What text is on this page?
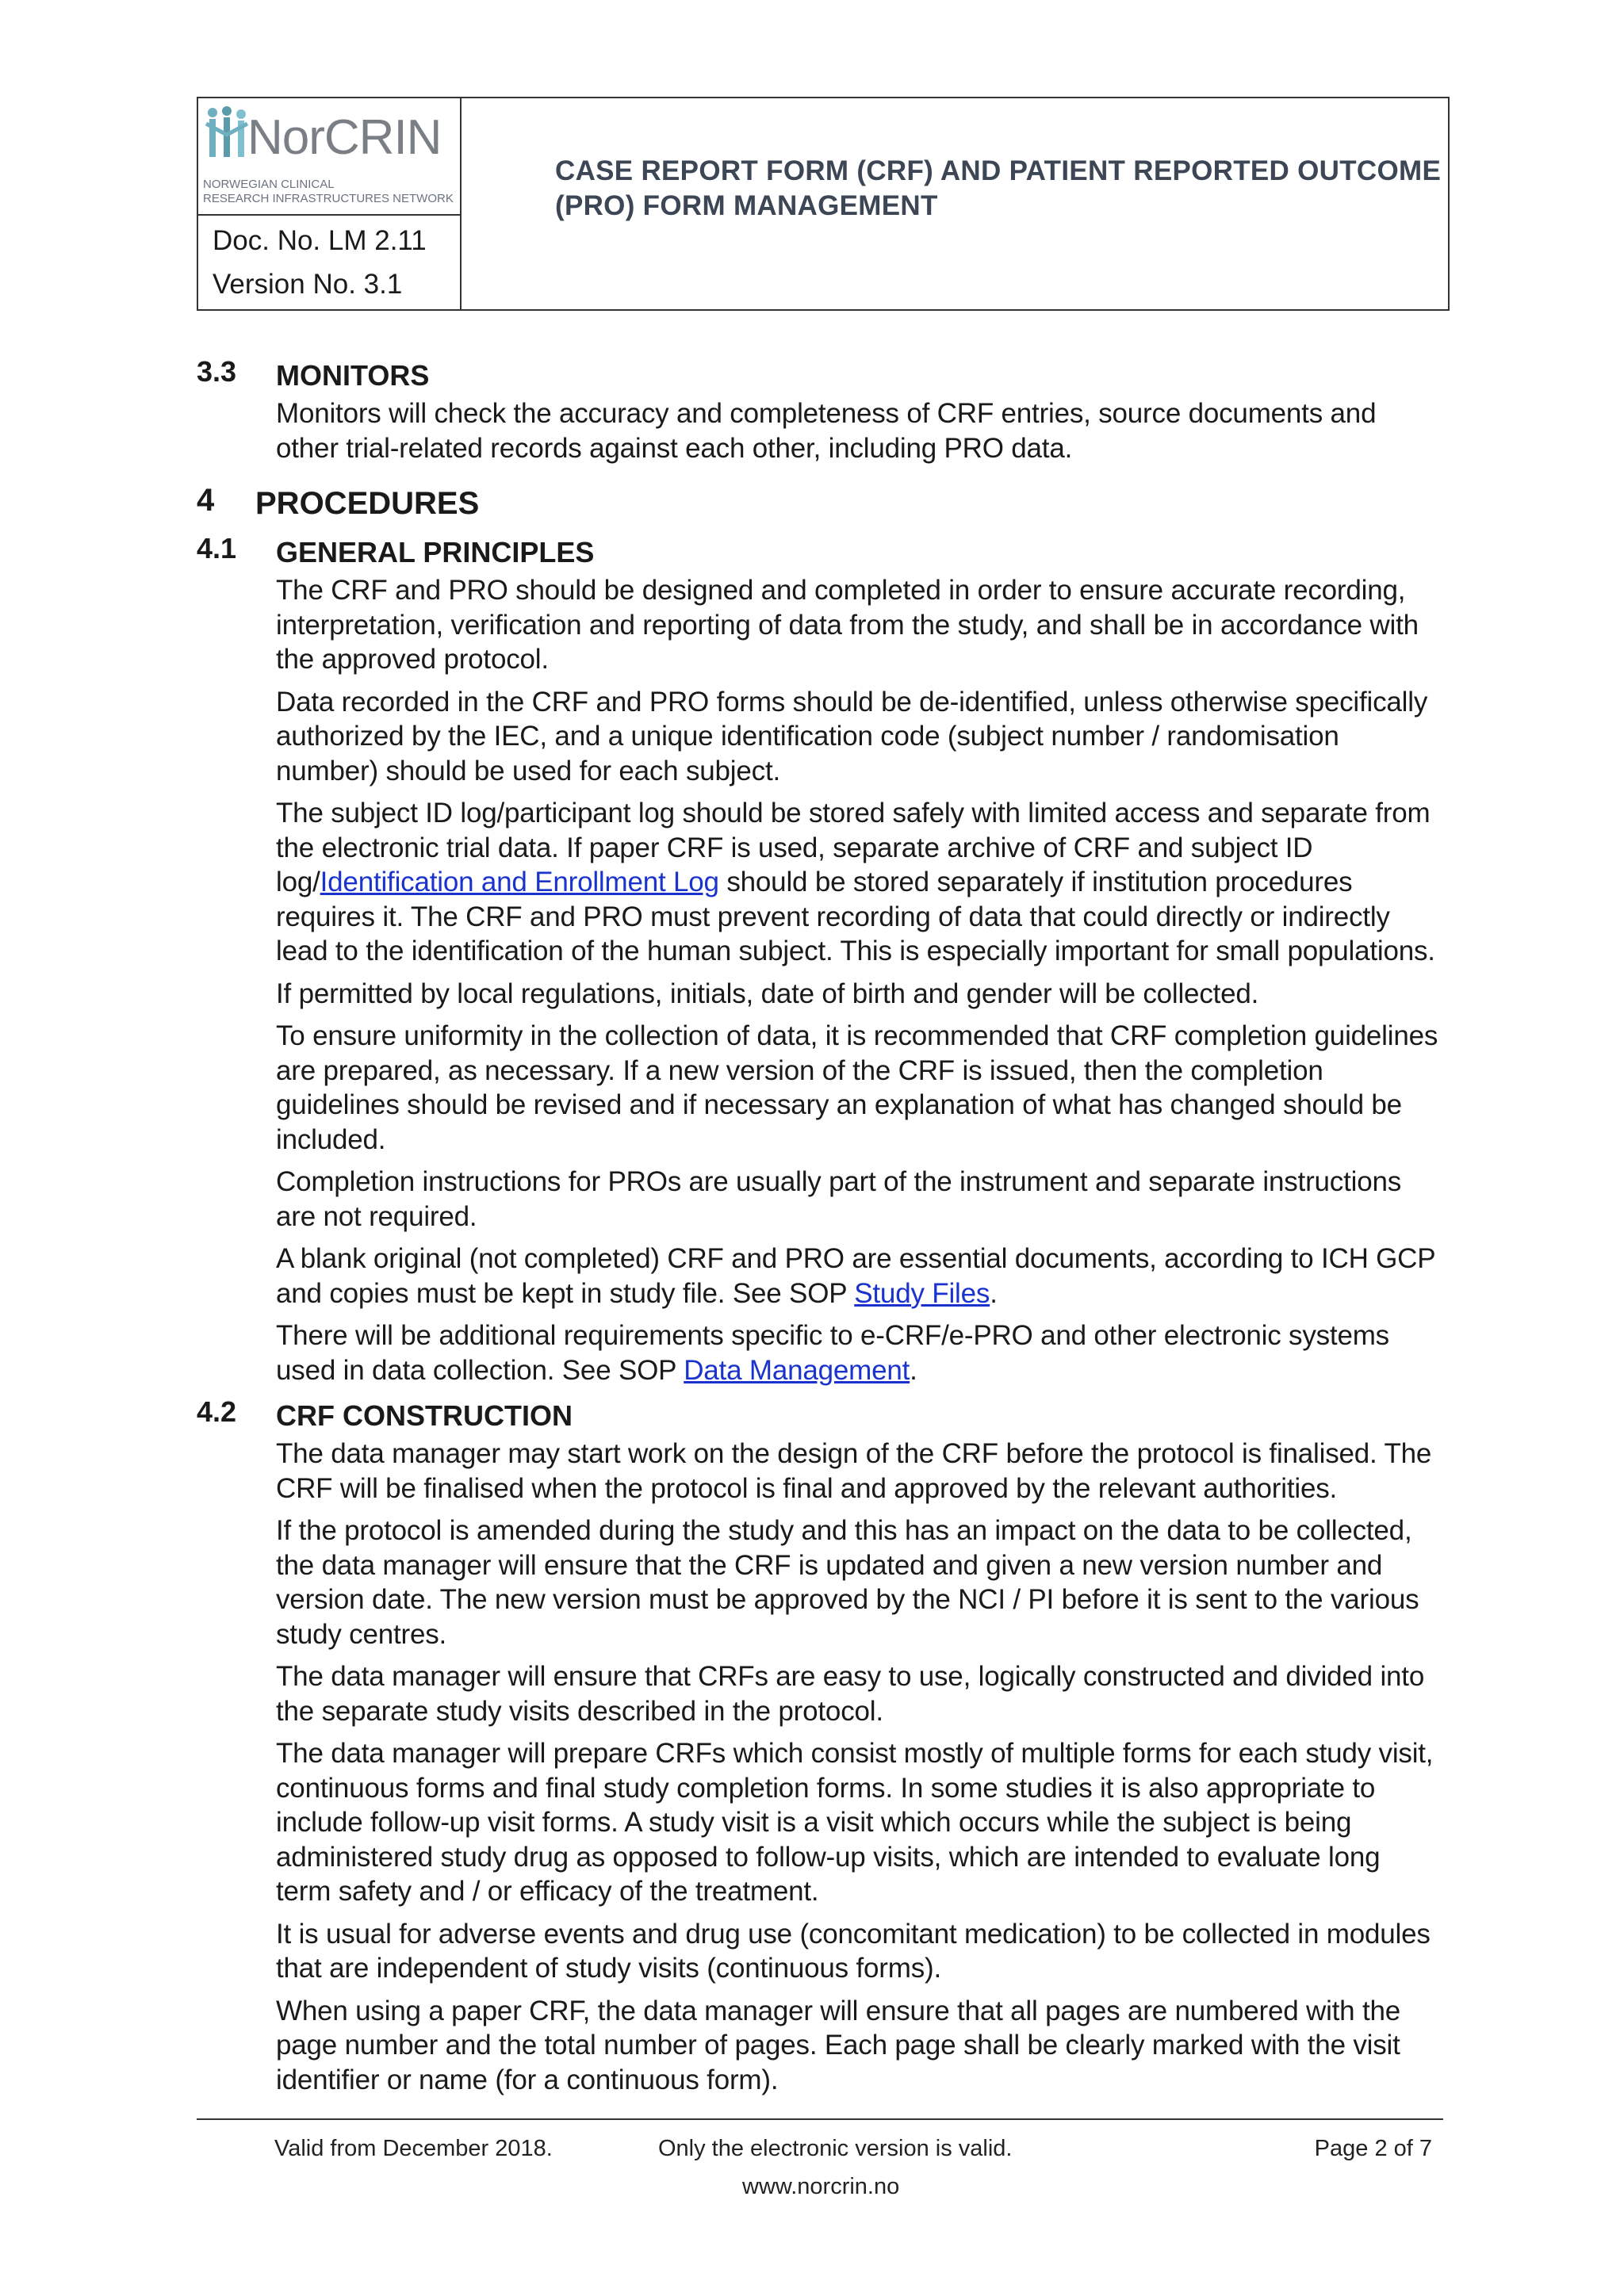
NorCRIN
NORWEGIAN CLINICAL
RESEARCH INFRASTRUCTURES NETWORK
Doc. No. LM 2.11
Version No. 3.1
CASE REPORT FORM (CRF) AND PATIENT REPORTED OUTCOME
(PRO) FORM MANAGEMENT
3.3 MONITORS

Monitors will check the accuracy and completeness of CRF entries, source documents and other trial-related records against each other, including PRO data.

4 PROCEDURES
4.1 GENERAL PRINCIPLES

The CRF and PRO should be designed and completed in order to ensure accurate recording, interpretation, verification and reporting of data from the study, and shall be in accordance with the approved protocol.

Data recorded in the CRF and PRO forms should be de-identified, unless otherwise specifically authorized by the IEC, and a unique identification code (subject number / randomisation number) should be used for each subject.

The subject ID log/participant log should be stored safely with limited access and separate from the electronic trial data. If paper CRF is used, separate archive of CRF and subject ID log/Identification and Enrollment Log should be stored separately if institution procedures requires it. The CRF and PRO must prevent recording of data that could directly or indirectly lead to the identification of the human subject. This is especially important for small populations.

If permitted by local regulations, initials, date of birth and gender will be collected.

To ensure uniformity in the collection of data, it is recommended that CRF completion guidelines are prepared, as necessary. If a new version of the CRF is issued, then the completion guidelines should be revised and if necessary an explanation of what has changed should be included.

Completion instructions for PROs are usually part of the instrument and separate instructions are not required.

A blank original (not completed) CRF and PRO are essential documents, according to ICH GCP and copies must be kept in study file. See SOP Study Files.

There will be additional requirements specific to e-CRF/e-PRO and other electronic systems used in data collection. See SOP Data Management.

4.2 CRF CONSTRUCTION

The data manager may start work on the design of the CRF before the protocol is finalised. The CRF will be finalised when the protocol is final and approved by the relevant authorities.

If the protocol is amended during the study and this has an impact on the data to be collected, the data manager will ensure that the CRF is updated and given a new version number and version date. The new version must be approved by the NCI / PI before it is sent to the various study centres.

The data manager will ensure that CRFs are easy to use, logically constructed and divided into the separate study visits described in the protocol.

The data manager will prepare CRFs which consist mostly of multiple forms for each study visit, continuous forms and final study completion forms. In some studies it is also appropriate to include follow-up visit forms. A study visit is a visit which occurs while the subject is being administered study drug as opposed to follow-up visits, which are intended to evaluate long term safety and / or efficacy of the treatment.

It is usual for adverse events and drug use (concomitant medication) to be collected in modules that are independent of study visits (continuous forms).

When using a paper CRF, the data manager will ensure that all pages are numbered with the page number and the total number of pages. Each page shall be clearly marked with the visit identifier or name (for a continuous form).

Valid from December 2018.	Only the electronic version is valid.	Page 2 of 7
www.norcrin.no
